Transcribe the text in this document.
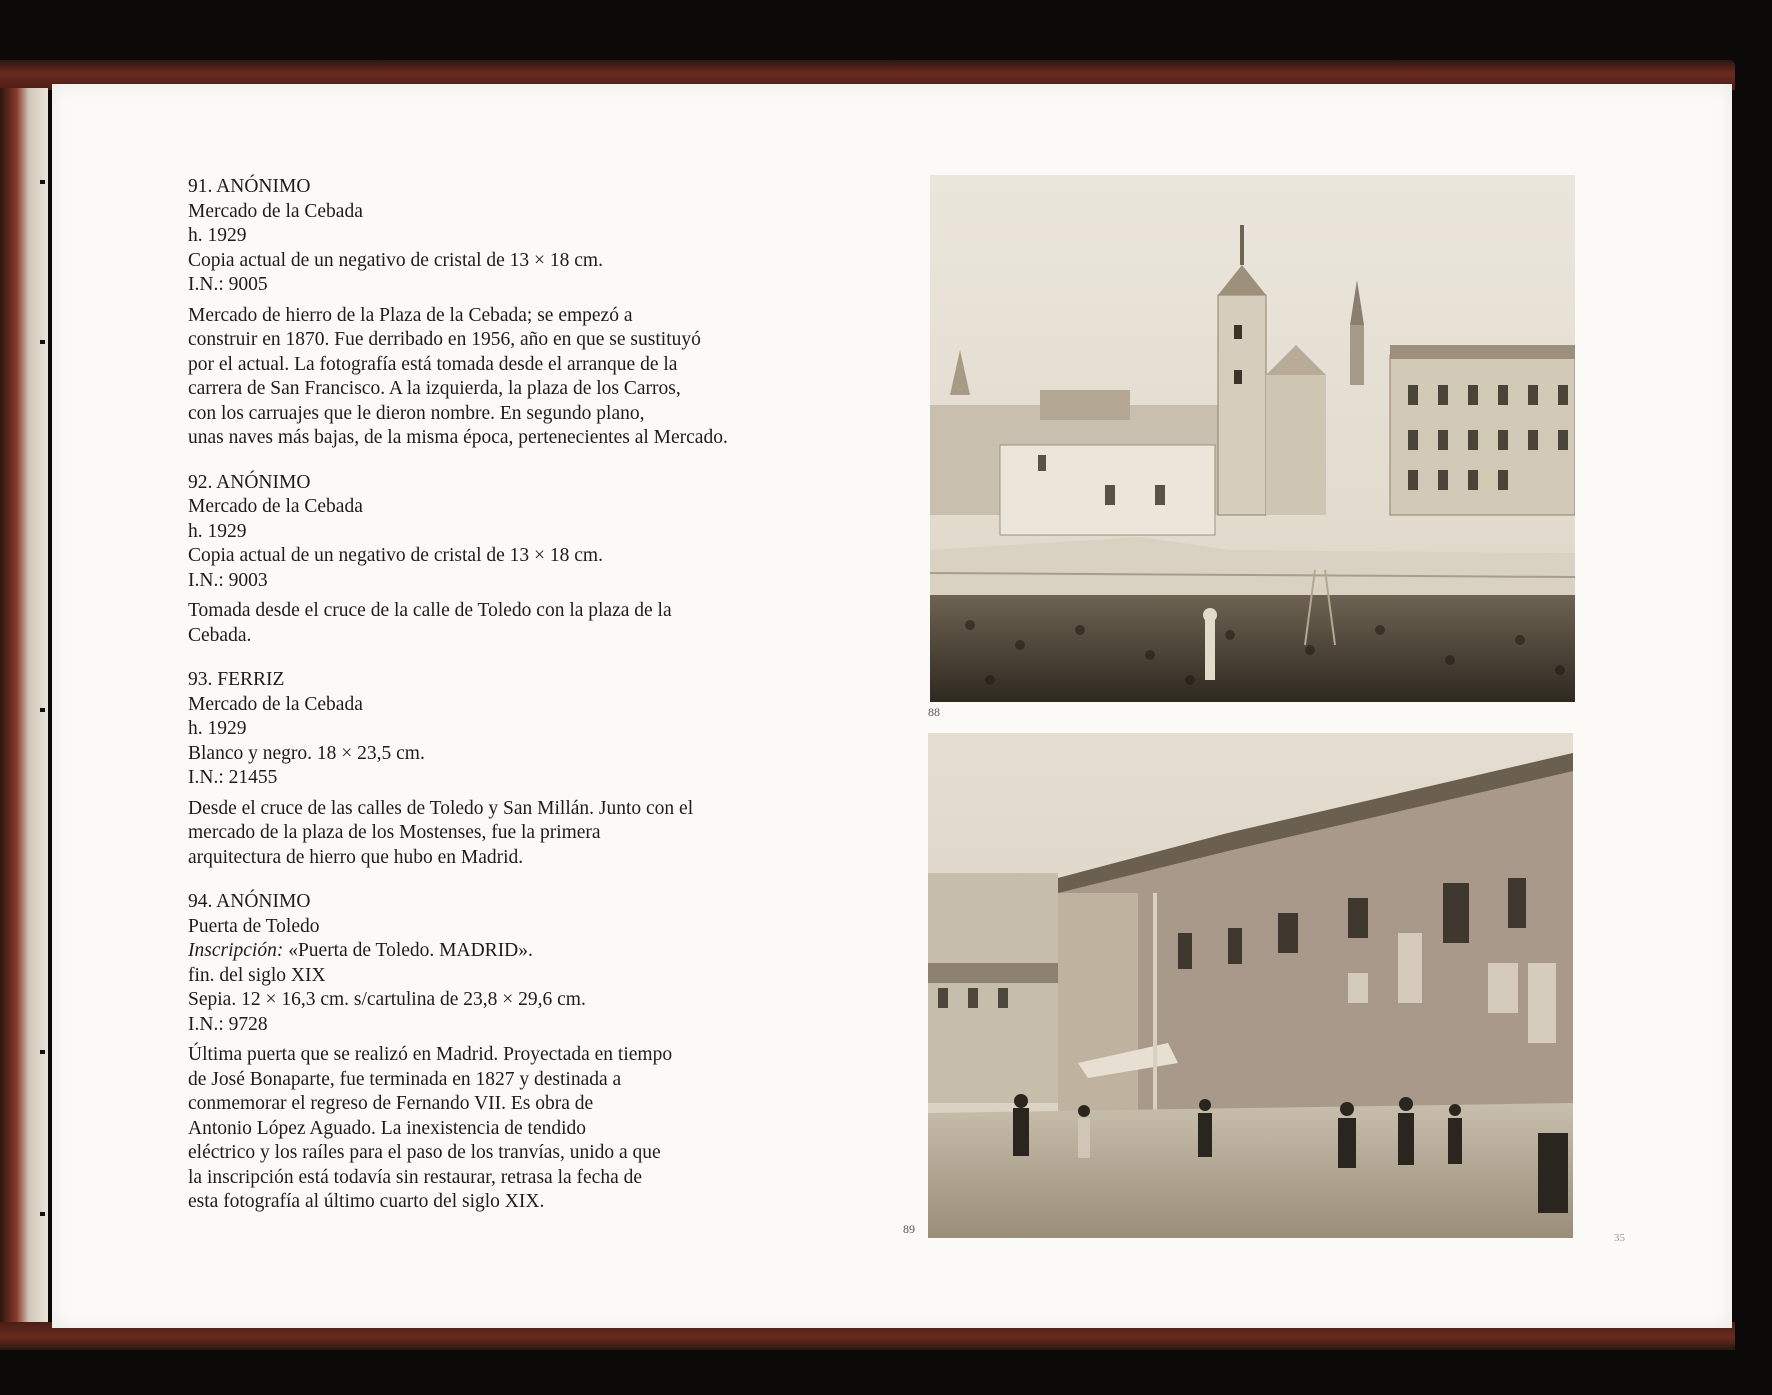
91. ANÓNIMO
Mercado de la Cebada
h. 1929
Copia actual de un negativo de cristal de 13 × 18 cm.
I.N.: 9005
Mercado de hierro de la Plaza de la Cebada; se empezó a
construir en 1870. Fue derribado en 1956, año en que se sustituyó
por el actual. La fotografía está tomada desde el arranque de la
carrera de San Francisco. A la izquierda, la plaza de los Carros,
con los carruajes que le dieron nombre. En segundo plano,
unas naves más bajas, de la misma época, pertenecientes al Mercado.
92. ANÓNIMO
Mercado de la Cebada
h. 1929
Copia actual de un negativo de cristal de 13 × 18 cm.
I.N.: 9003
Tomada desde el cruce de la calle de Toledo con la plaza de la
Cebada.
93. FERRIZ
Mercado de la Cebada
h. 1929
Blanco y negro. 18 × 23,5 cm.
I.N.: 21455
Desde el cruce de las calles de Toledo y San Millán. Junto con el
mercado de la plaza de los Mostenses, fue la primera
arquitectura de hierro que hubo en Madrid.
94. ANÓNIMO
Puerta de Toledo
Inscripción: «Puerta de Toledo. MADRID».
fin. del siglo XIX
Sepia. 12 × 16,3 cm. s/cartulina de 23,8 × 29,6 cm.
I.N.: 9728
Última puerta que se realizó en Madrid. Proyectada en tiempo
de José Bonaparte, fue terminada en 1827 y destinada a
conmemorar el regreso de Fernando VII. Es obra de
Antonio López Aguado. La inexistencia de tendido
eléctrico y los raíles para el paso de los tranvías, unido a que
la inscripción está todavía sin restaurar, retrasa la fecha de
esta fotografía al último cuarto del siglo XIX.
88
89
35
